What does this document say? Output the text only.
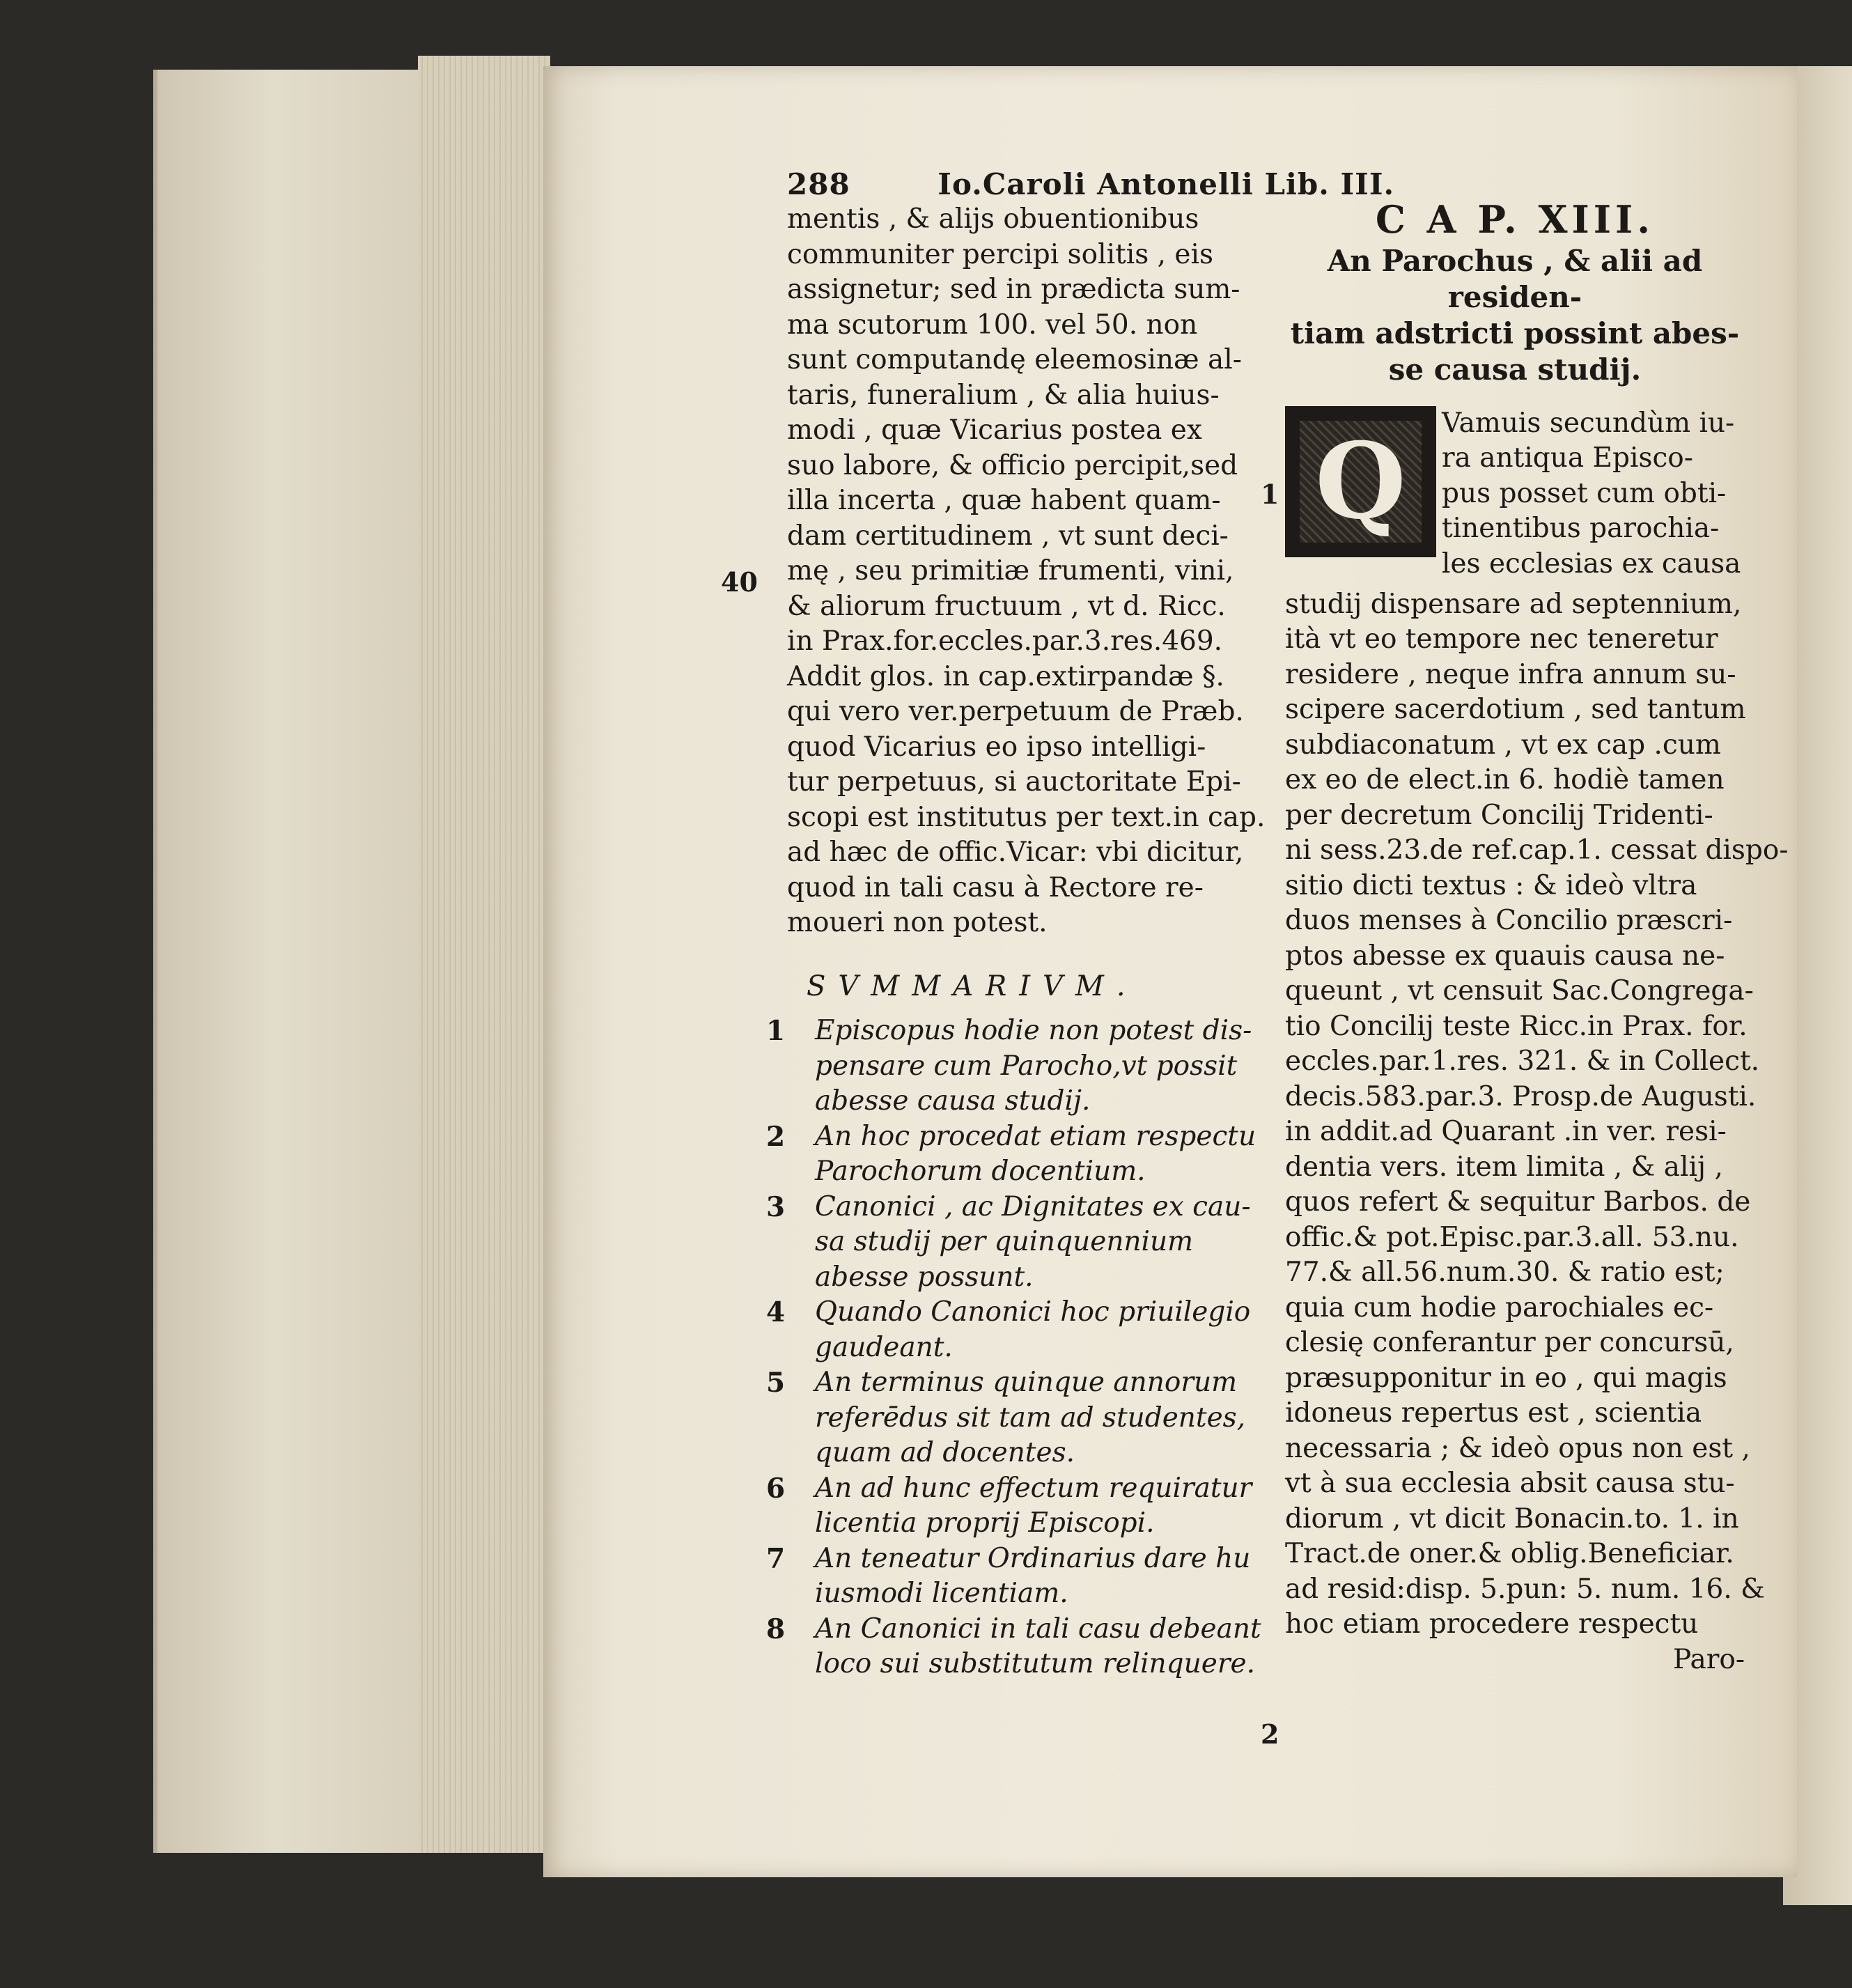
288	Io.Caroli Antonelli Lib. III.
mentis , & alijs obuentionibus
communiter percipi solitis , eis
assignetur; sed in prædicta sum-
ma scutorum 100. vel 50. non
sunt computandę eleemosinæ al-
taris, funeralium , & alia huius-
modi , quæ Vicarius postea ex
suo labore, & officio percipit,sed
illa incerta , quæ habent quam-
dam certitudinem , vt sunt deci-
mę , seu primitiæ frumenti, vini,
& aliorum fructuum , vt d. Ricc.
in Prax.for.eccles.par.3.res.469.
Addit glos. in cap.extirpandæ §.
qui vero ver.perpetuum de Præb.
quod Vicarius eo ipso intelligi-
tur perpetuus, si auctoritate Epi-
scopi est institutus per text.in cap.
ad hæc de offic.Vicar: vbi dicitur,
quod in tali casu à Rectore re-
moueri non potest.
SVMMARIVM.
1 Episcopus hodie non potest dis-
pensare cum Parocho,vt possit
abesse causa studij.
2 An hoc procedat etiam respectu
Parochorum docentium.
3 Canonici , ac Dignitates ex cau-
sa studij per quinquennium
abesse possunt.
4 Quando Canonici hoc priuilegio
gaudeant.
5 An terminus quinque annorum
referēdus sit tam ad studentes,
quam ad docentes.
6 An ad hunc effectum requiratur
licentia proprij Episcopi.
7 An teneatur Ordinarius dare hu
iusmodi licentiam.
8 An Canonici in tali casu debeant
loco sui substitutum relinquere.
40
1
C A P. XIII.
An Parochus , & alii ad residen-
tiam adstricti possint abes-
se causa studij.
Q	Vamuis secundùm iu-
ra antiqua Episco-
pus posset cum obti-
tinentibus parochia-
les ecclesias ex causa
studij dispensare ad septennium,
ità vt eo tempore nec teneretur
residere , neque infra annum su-
scipere sacerdotium , sed tantum
subdiaconatum , vt ex cap .cum
ex eo de elect.in 6. hodiè tamen
per decretum Concilij Tridenti-
ni sess.23.de ref.cap.1. cessat dispo-
sitio dicti textus : & ideò vltra
duos menses à Concilio præscri-
ptos abesse ex quauis causa ne-
queunt , vt censuit Sac.Congrega-
tio Concilij teste Ricc.in Prax. for.
eccles.par.1.res. 321. & in Collect.
decis.583.par.3. Prosp.de Augusti.
in addit.ad Quarant .in ver. resi-
dentia vers. item limita , & alij ,
quos refert & sequitur Barbos. de
offic.& pot.Episc.par.3.all. 53.nu.
77.& all.56.num.30. & ratio est;
quia cum hodie parochiales ec-
clesię conferantur per concursū,
præsupponitur in eo , qui magis
idoneus repertus est , scientia
necessaria ; & ideò opus non est ,
vt à sua ecclesia absit causa stu-
diorum , vt dicit Bonacin.to. 1. in
Tract.de oner.& oblig.Beneficiar.
ad resid:disp. 5.pun: 5. num. 16. &
hoc etiam procedere respectu
Paro-
2
